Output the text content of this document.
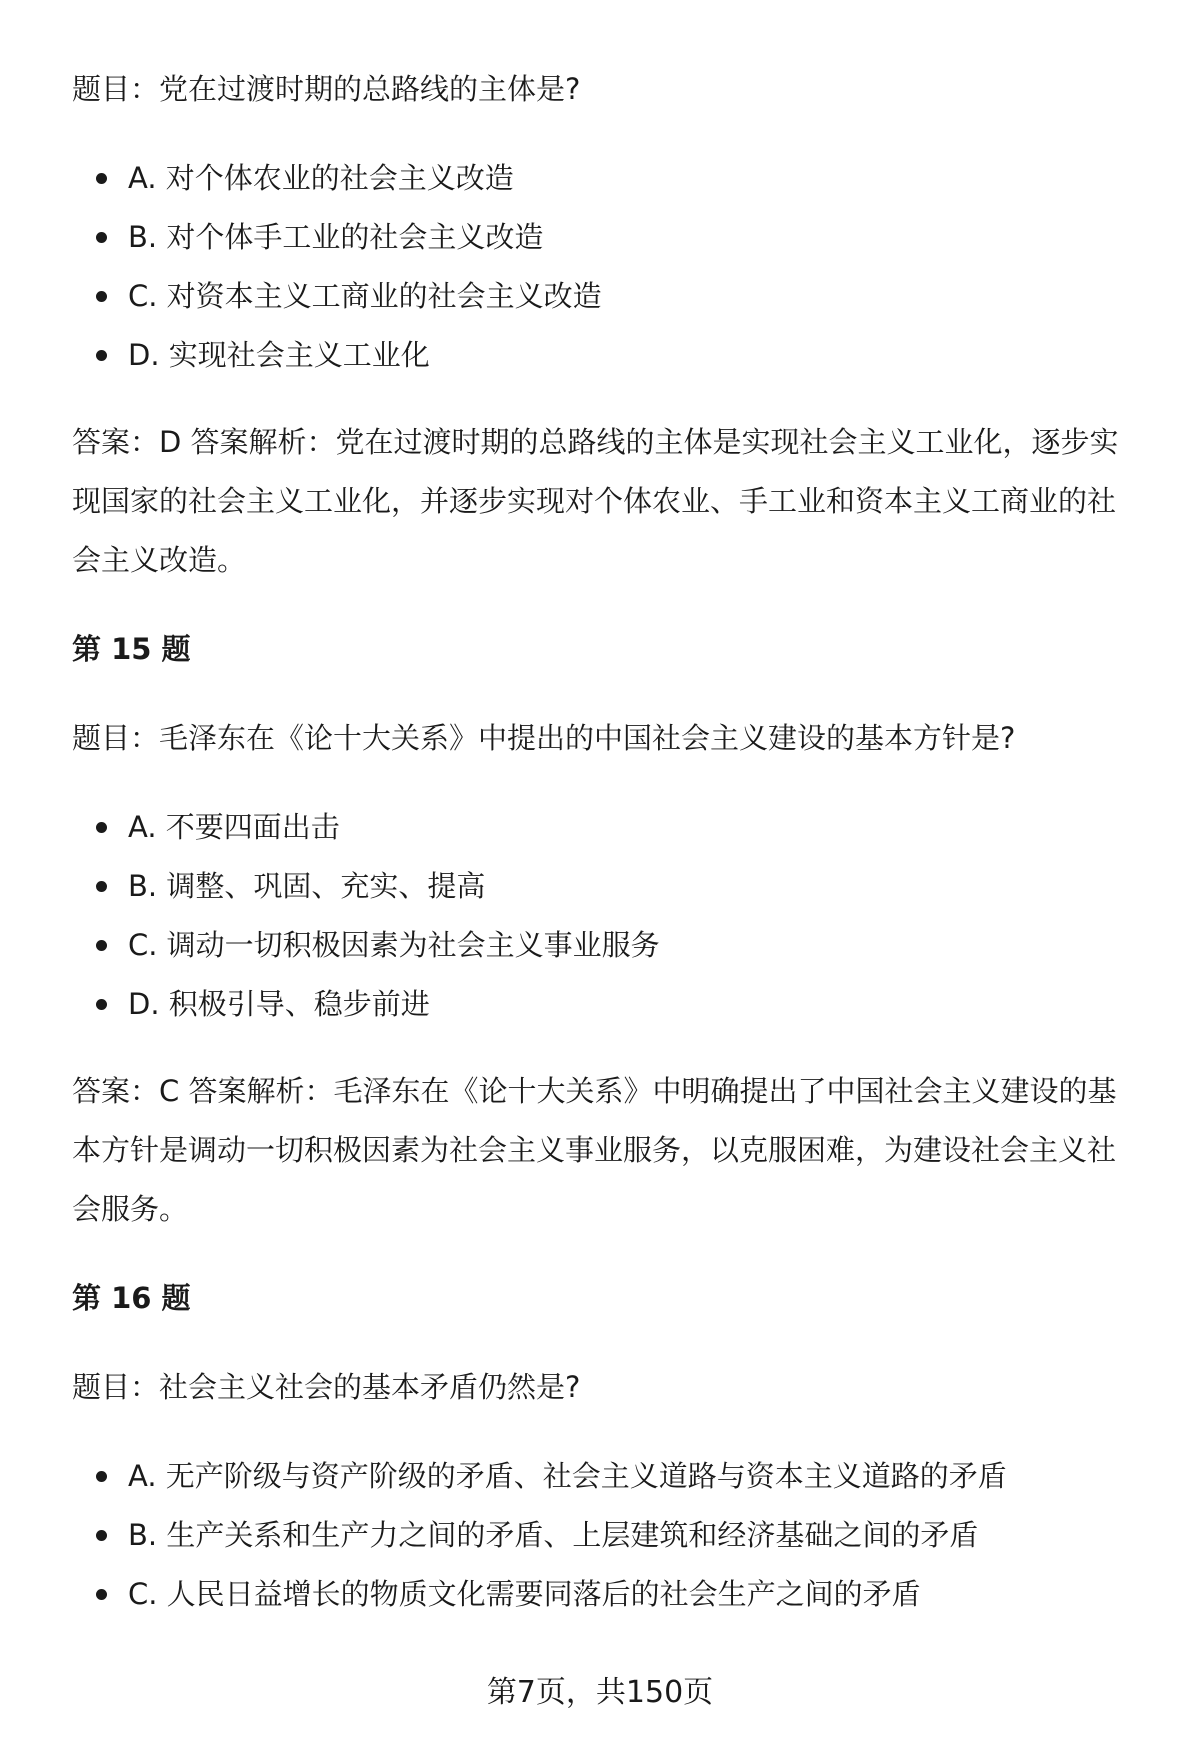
题目：党在过渡时期的总路线的主体是?

A. 对个体农业的社会主义改造
B. 对个体手工业的社会主义改造
C. 对资本主义工商业的社会主义改造
D. 实现社会主义工业化

答案：D 答案解析：党在过渡时期的总路线的主体是实现社会主义工业化，逐步实现国家的社会主义工业化，并逐步实现对个体农业、手工业和资本主义工商业的社会主义改造。

第 15 题

题目：毛泽东在《论十大关系》中提出的中国社会主义建设的基本方针是?

A. 不要四面出击
B. 调整、巩固、充实、提高
C. 调动一切积极因素为社会主义事业服务
D. 积极引导、稳步前进

答案：C 答案解析：毛泽东在《论十大关系》中明确提出了中国社会主义建设的基本方针是调动一切积极因素为社会主义事业服务，以克服困难，为建设社会主义社会服务。

第 16 题

题目：社会主义社会的基本矛盾仍然是?

A. 无产阶级与资产阶级的矛盾、社会主义道路与资本主义道路的矛盾
B. 生产关系和生产力之间的矛盾、上层建筑和经济基础之间的矛盾
C. 人民日益增长的物质文化需要同落后的社会生产之间的矛盾
第7页，共150页
